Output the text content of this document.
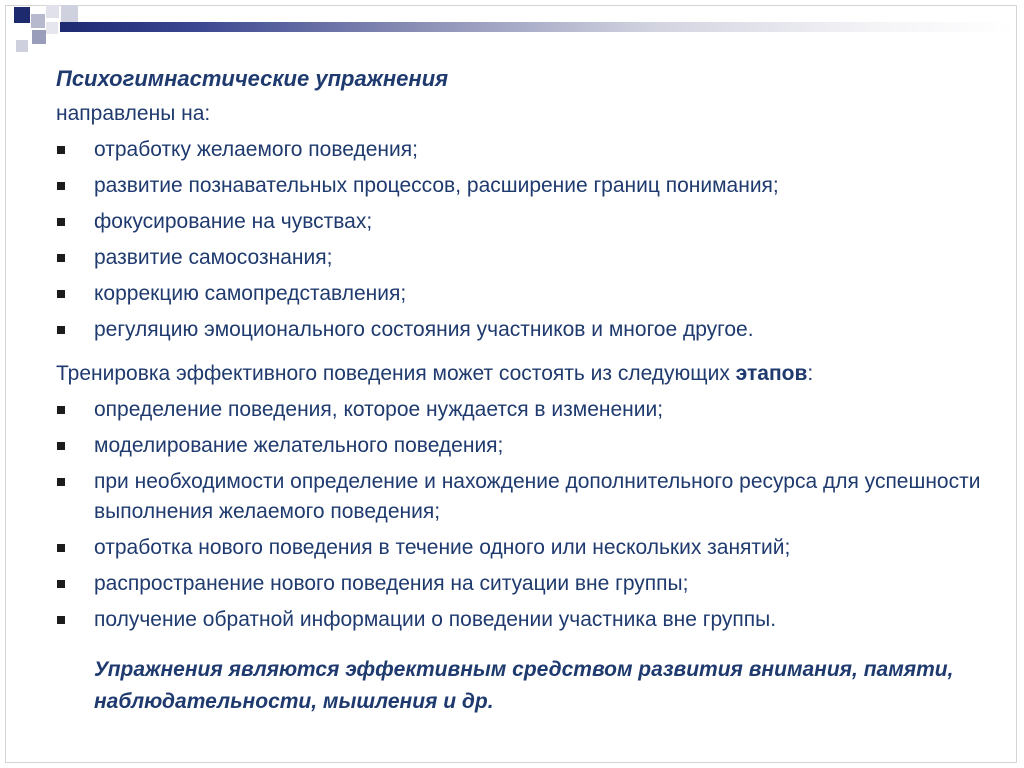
Психогимнастические упражнения
направлены на:
отработку желаемого поведения;
развитие познавательных процессов, расширение границ понимания;
фокусирование на чувствах;
развитие самосознания;
коррекцию самопредставления;
регуляцию эмоционального состояния участников и многое другое.
Тренировка эффективного поведения может состоять из следующих этапов:
определение поведения, которое нуждается в изменении;
моделирование желательного поведения;
при необходимости определение и нахождение дополнительного ресурса для успешности выполнения желаемого поведения;
отработка нового поведения в течение одного или нескольких занятий;
распространение нового поведения на ситуации вне группы;
получение обратной информации о поведении участника вне группы.
Упражнения являются эффективным средством развития внимания, памяти, наблюдательности, мышления и др.
